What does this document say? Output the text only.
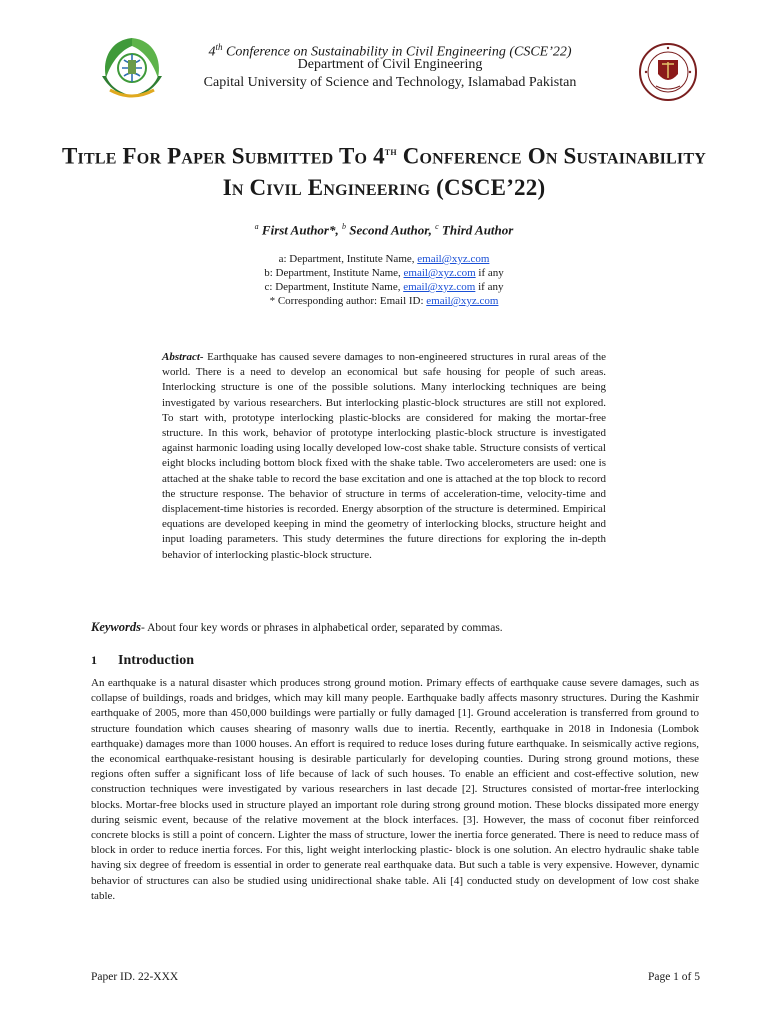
4th Conference on Sustainability in Civil Engineering (CSCE’22)
Department of Civil Engineering
Capital University of Science and Technology, Islamabad Pakistan
Title For Paper Submitted To 4th Conference On Sustainability In Civil Engineering (CSCE’22)
$^a$ First Author*, $^b$ Second Author, $^c$ Third Author
a: Department, Institute Name, email@xyz.com
b: Department, Institute Name, email@xyz.com if any
c: Department, Institute Name, email@xyz.com if any
* Corresponding author: Email ID: email@xyz.com
Abstract- Earthquake has caused severe damages to non-engineered structures in rural areas of the world. There is a need to develop an economical but safe housing for people of such areas. Interlocking structure is one of the possible solutions. Many interlocking techniques are being investigated by various researchers. But interlocking plastic-block structures are still not explored. To start with, prototype interlocking plastic-blocks are considered for making the mortar-free structure. In this work, behavior of prototype interlocking plastic-block structure is investigated against harmonic loading using locally developed low-cost shake table. Structure consists of vertical eight blocks including bottom block fixed with the shake table. Two accelerometers are used: one is attached at the shake table to record the base excitation and one is attached at the top block to record the structure response. The behavior of structure in terms of acceleration-time, velocity-time and displacement-time histories is recorded. Energy absorption of the structure is determined. Empirical equations are developed keeping in mind the geometry of interlocking blocks, structure height and input loading parameters. This study determines the future directions for exploring the in-depth behavior of interlocking plastic-block structure.
Keywords- About four key words or phrases in alphabetical order, separated by commas.
1 Introduction
An earthquake is a natural disaster which produces strong ground motion. Primary effects of earthquake cause severe damages, such as collapse of buildings, roads and bridges, which may kill many people. Earthquake badly affects masonry structures. During the Kashmir earthquake of 2005, more than 450,000 buildings were partially or fully damaged [1]. Ground acceleration is transferred from ground to structure foundation which causes shearing of masonry walls due to inertia. Recently, earthquake in 2018 in Indonesia (Lombok earthquake) damages more than 1000 houses. An effort is required to reduce loses during future earthquake. In seismically active regions, the economical earthquake-resistant housing is desirable particularly for developing counties. During strong ground motions, these regions often suffer a significant loss of life because of lack of such houses. To enable an efficient and cost-effective solution, new construction techniques were investigated by various researchers in last decade [2]. Structures consisted of mortar-free interlocking blocks. Mortar-free blocks used in structure played an important role during strong ground motion. These blocks dissipated more energy during seismic event, because of the relative movement at the block interfaces. [3]. However, the mass of coconut fiber reinforced concrete blocks is still a point of concern. Lighter the mass of structure, lower the inertia force generated. There is need to reduce mass of block in order to reduce inertia forces. For this, light weight interlocking plastic- block is one solution. An electro hydraulic shake table having six degree of freedom is essential in order to generate real earthquake data. But such a table is very expensive. However, dynamic behavior of structures can also be studied using unidirectional shake table. Ali [4] conducted study on development of low cost shake table.
Paper ID. 22-XXX	Page 1 of 5
